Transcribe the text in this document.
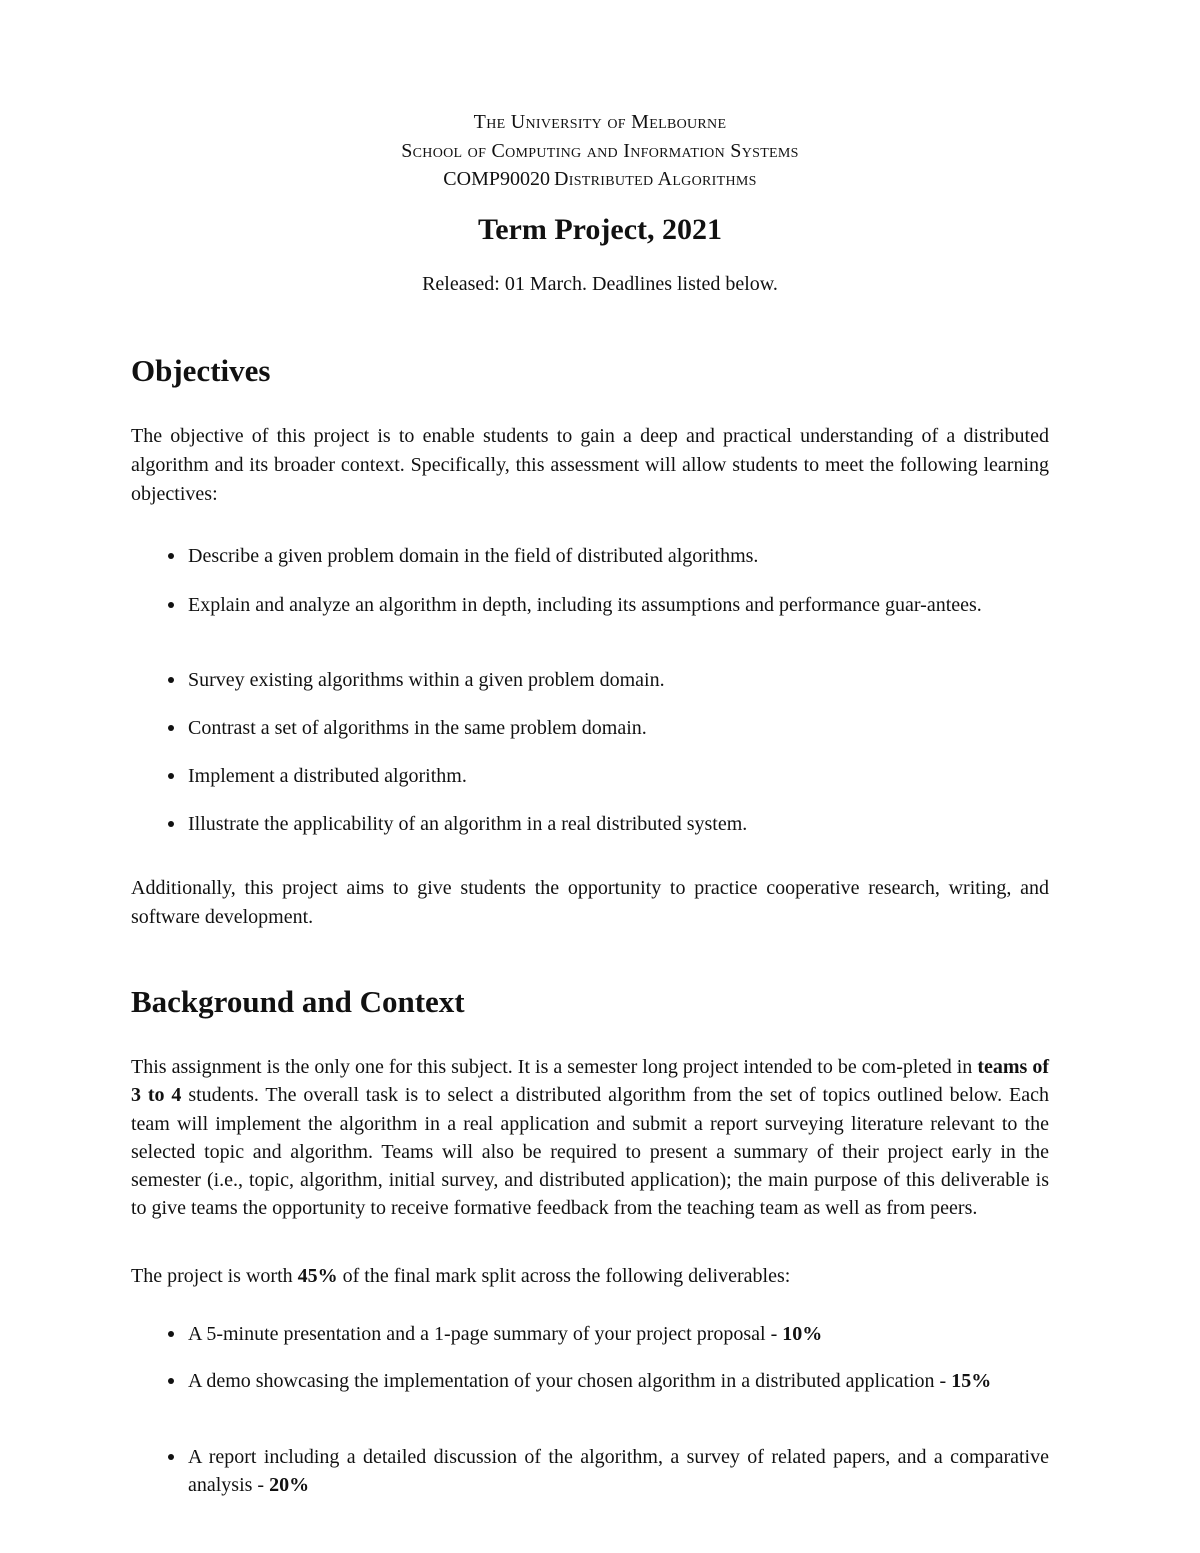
The University of Melbourne
School of Computing and Information Systems
COMP90020 Distributed Algorithms
Term Project, 2021
Released: 01 March. Deadlines listed below.
Objectives

The objective of this project is to enable students to gain a deep and practical understanding of a distributed algorithm and its broader context. Specifically, this assessment will allow students to meet the following learning objectives:

Describe a given problem domain in the field of distributed algorithms.
Explain and analyze an algorithm in depth, including its assumptions and performance guar-antees.
Survey existing algorithms within a given problem domain.
Contrast a set of algorithms in the same problem domain.
Implement a distributed algorithm.
Illustrate the applicability of an algorithm in a real distributed system.

Additionally, this project aims to give students the opportunity to practice cooperative research, writing, and software development.

Background and Context

This assignment is the only one for this subject. It is a semester long project intended to be com-pleted in teams of 3 to 4 students. The overall task is to select a distributed algorithm from the set of topics outlined below. Each team will implement the algorithm in a real application and submit a report surveying literature relevant to the selected topic and algorithm. Teams will also be required to present a summary of their project early in the semester (i.e., topic, algorithm, initial survey, and distributed application); the main purpose of this deliverable is to give teams the opportunity to receive formative feedback from the teaching team as well as from peers.

The project is worth 45% of the final mark split across the following deliverables:

A 5-minute presentation and a 1-page summary of your project proposal - 10%
A demo showcasing the implementation of your chosen algorithm in a distributed application - 15%
A report including a detailed discussion of the algorithm, a survey of related papers, and a comparative analysis - 20%
